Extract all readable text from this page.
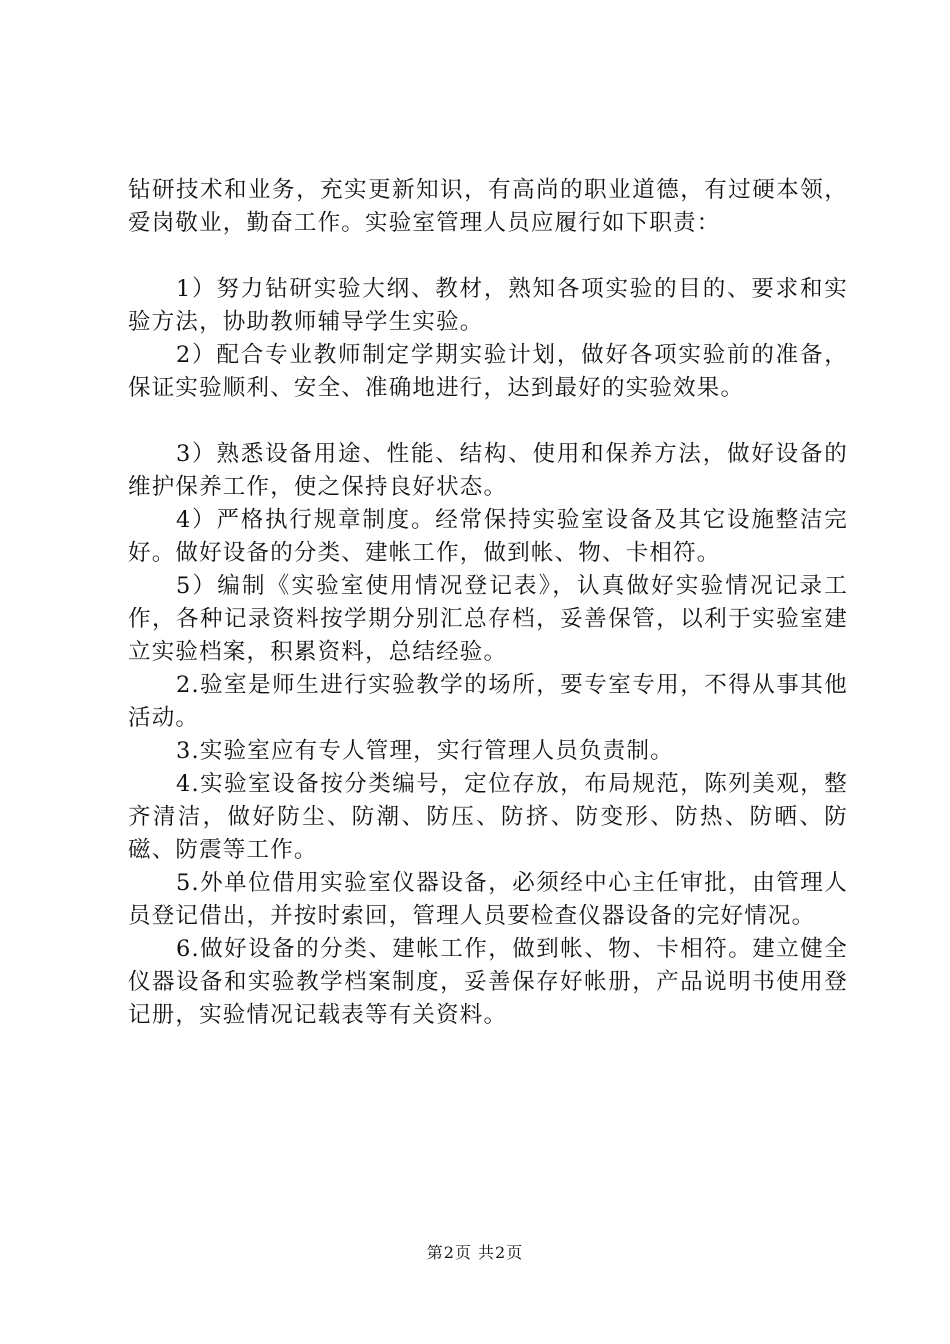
钻研技术和业务，充实更新知识，有高尚的职业道德，有过硬本领，爱岗敬业，勤奋工作。实验室管理人员应履行如下职责：

1）努力钻研实验大纲、教材，熟知各项实验的目的、要求和实验方法，协助教师辅导学生实验。

2）配合专业教师制定学期实验计划，做好各项实验前的准备，保证实验顺利、安全、准确地进行，达到最好的实验效果。

3）熟悉设备用途、性能、结构、使用和保养方法，做好设备的维护保养工作，使之保持良好状态。

4）严格执行规章制度。经常保持实验室设备及其它设施整洁完好。做好设备的分类、建帐工作，做到帐、物、卡相符。

5）编制《实验室使用情况登记表》，认真做好实验情况记录工作，各种记录资料按学期分别汇总存档，妥善保管，以利于实验室建立实验档案，积累资料，总结经验。

2.验室是师生进行实验教学的场所，要专室专用，不得从事其他活动。

3.实验室应有专人管理，实行管理人员负责制。

4.实验室设备按分类编号，定位存放，布局规范，陈列美观，整齐清洁，做好防尘、防潮、防压、防挤、防变形、防热、防晒、防磁、防震等工作。

5.外单位借用实验室仪器设备，必须经中心主任审批，由管理人员登记借出，并按时索回，管理人员要检查仪器设备的完好情况。

6.做好设备的分类、建帐工作，做到帐、物、卡相符。建立健全仪器设备和实验教学档案制度，妥善保存好帐册，产品说明书使用登记册，实验情况记载表等有关资料。

第2页 共2页
